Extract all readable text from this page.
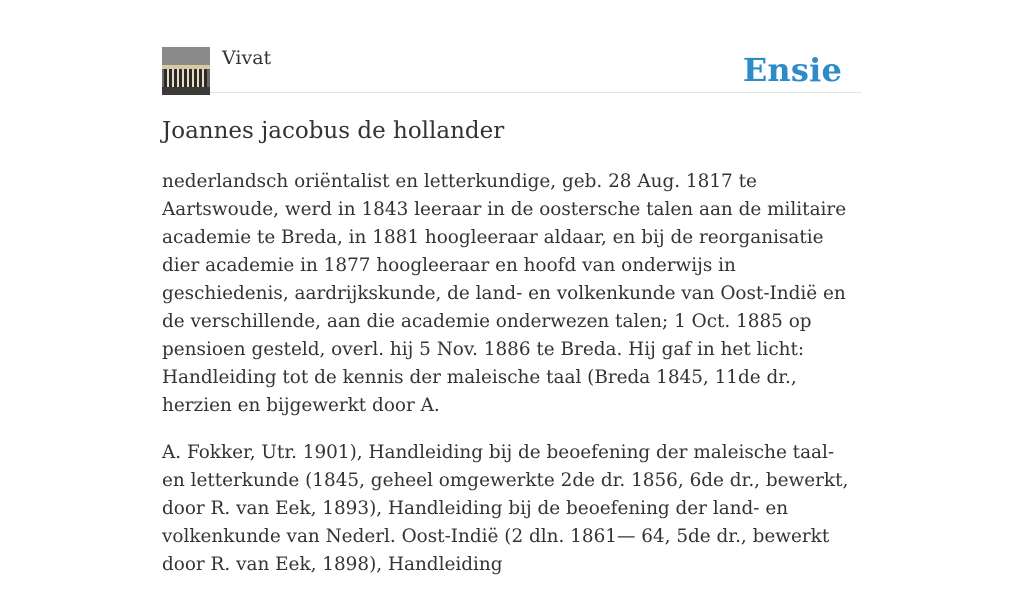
Vivat	Ensie
Joannes jacobus de hollander

nederlandsch oriëntalist en letterkundige, geb. 28 Aug. 1817 te Aartswoude, werd in 1843 leeraar in de oostersche talen aan de militaire academie te Breda, in 1881 hoogleeraar aldaar, en bij de reorganisatie dier academie in 1877 hoogleeraar en hoofd van onderwijs in geschiedenis, aardrijkskunde, de land- en volkenkunde van Oost-Indië en de verschillende, aan die academie onderwezen talen; 1 Oct. 1885 op pensioen gesteld, overl. hij 5 Nov. 1886 te Breda. Hij gaf in het licht: Handleiding tot de kennis der maleische taal (Breda 1845, 11de dr., herzien en bijgewerkt door A.

A. Fokker, Utr. 1901), Handleiding bij de beoefening der maleische taal- en letterkunde (1845, geheel omgewerkte 2de dr. 1856, 6de dr., bewerkt, door R. van Eek, 1893), Handleiding bij de beoefening der land- en volkenkunde van Nederl. Oost-Indië (2 dln. 1861— 64, 5de dr., bewerkt door R. van Eek, 1898), Handleiding
